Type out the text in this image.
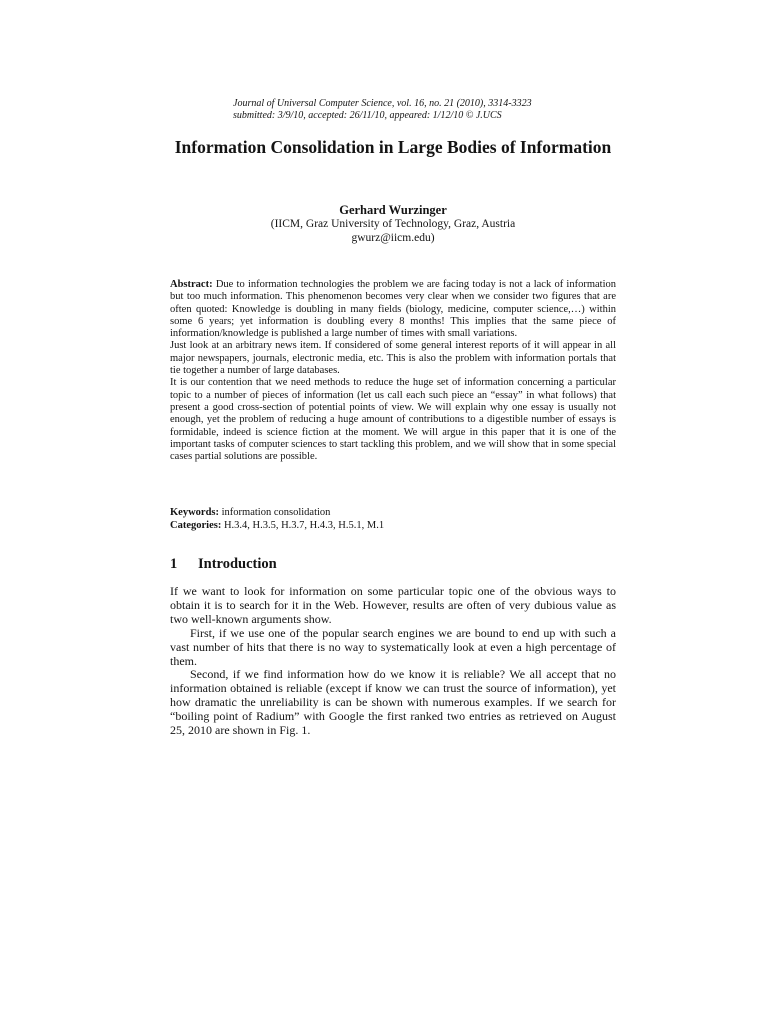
Journal of Universal Computer Science, vol. 16, no. 21 (2010), 3314-3323
submitted: 3/9/10, accepted: 26/11/10, appeared: 1/12/10 © J.UCS
Information Consolidation in Large Bodies of Information
Gerhard Wurzinger
(IICM, Graz University of Technology, Graz, Austria
gwurz@iicm.edu)

Abstract: Due to information technologies the problem we are facing today is not a lack of information but too much information. This phenomenon becomes very clear when we consider two figures that are often quoted: Knowledge is doubling in many fields (biology, medicine, computer science,…) within some 6 years; yet information is doubling every 8 months! This implies that the same piece of information/knowledge is published a large number of times with small variations.

Just look at an arbitrary news item. If considered of some general interest reports of it will appear in all major newspapers, journals, electronic media, etc. This is also the problem with information portals that tie together a number of large databases.

It is our contention that we need methods to reduce the huge set of information concerning a particular topic to a number of pieces of information (let us call each such piece an “essay” in what follows) that present a good cross-section of potential points of view. We will explain why one essay is usually not enough, yet the problem of reducing a huge amount of contributions to a digestible number of essays is formidable, indeed is science fiction at the moment. We will argue in this paper that it is one of the important tasks of computer sciences to start tackling this problem, and we will show that in some special cases partial solutions are possible.

Keywords: information consolidation
Categories: H.3.4, H.3.5, H.3.7, H.4.3, H.5.1, M.1
1 Introduction

If we want to look for information on some particular topic one of the obvious ways to obtain it is to search for it in the Web. However, results are often of very dubious value as two well-known arguments show.

First, if we use one of the popular search engines we are bound to end up with such a vast number of hits that there is no way to systematically look at even a high percentage of them.

Second, if we find information how do we know it is reliable? We all accept that no information obtained is reliable (except if know we can trust the source of information), yet how dramatic the unreliability is can be shown with numerous examples. If we search for “boiling point of Radium” with Google the first ranked two entries as retrieved on August 25, 2010 are shown in Fig. 1.
